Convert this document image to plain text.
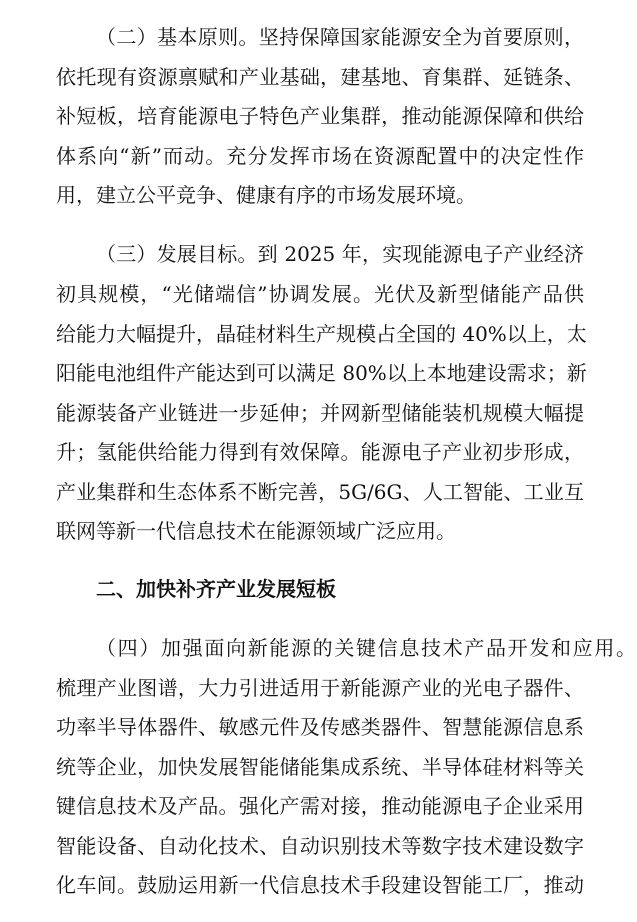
（二）基本原则。坚持保障国家能源安全为首要原则，
依托现有资源禀赋和产业基础，建基地、育集群、延链条、
补短板，培育能源电子特色产业集群，推动能源保障和供给
体系向“新”而动。充分发挥市场在资源配置中的决定性作
用，建立公平竞争、健康有序的市场发展环境。
（三）发展目标。到 2025 年，实现能源电子产业经济
初具规模，“光储端信”协调发展。光伏及新型储能产品供
给能力大幅提升，晶硅材料生产规模占全国的 40%以上，太
阳能电池组件产能达到可以满足 80%以上本地建设需求；新
能源装备产业链进一步延伸；并网新型储能装机规模大幅提
升；氢能供给能力得到有效保障。能源电子产业初步形成，
产业集群和生态体系不断完善，5G/6G、人工智能、工业互
联网等新一代信息技术在能源领域广泛应用。
二、加快补齐产业发展短板
（四）加强面向新能源的关键信息技术产品开发和应用。
梳理产业图谱，大力引进适用于新能源产业的光电子器件、
功率半导体器件、敏感元件及传感类器件、智慧能源信息系
统等企业，加快发展智能储能集成系统、半导体硅材料等关
键信息技术及产品。强化产需对接，推动能源电子企业采用
智能设备、自动化技术、自动识别技术等数字技术建设数字
化车间。鼓励运用新一代信息技术手段建设智能工厂，推动
